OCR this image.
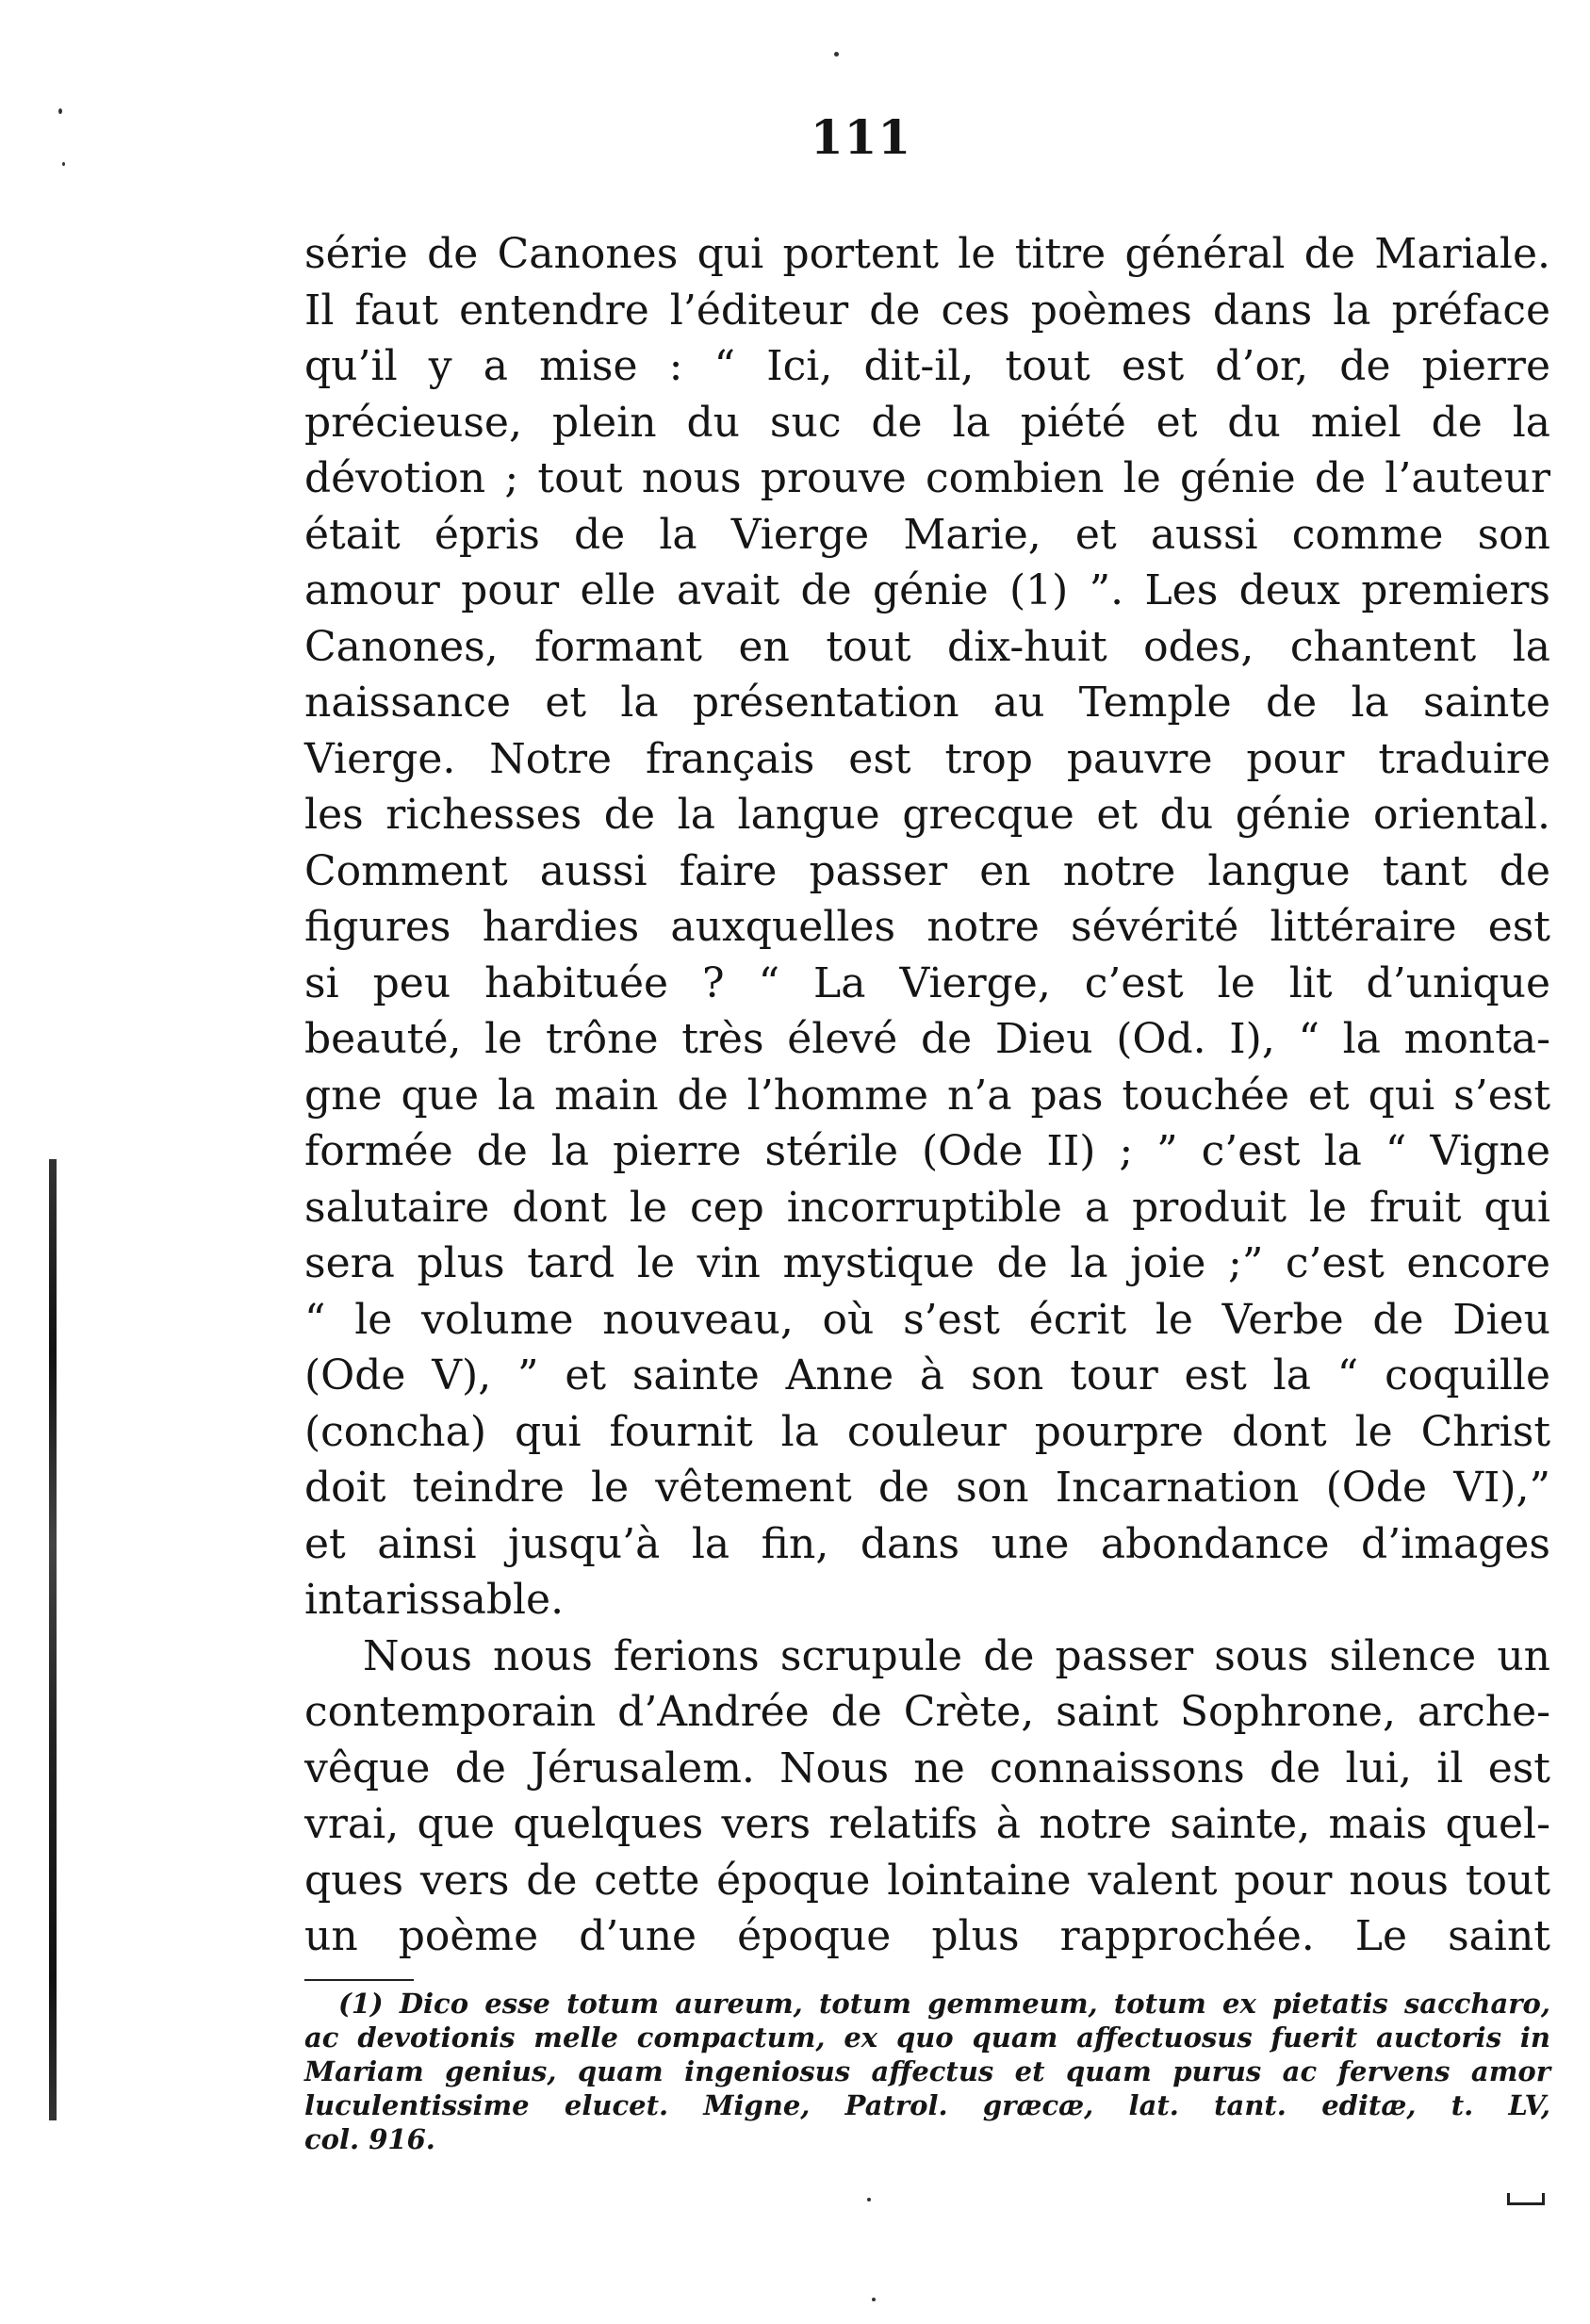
111
série de Canones qui portent le titre général de Mariale.
Il faut entendre l’éditeur de ces poèmes dans la préface
qu’il y a mise : “ Ici, dit-il, tout est d’or, de pierre
précieuse, plein du suc de la piété et du miel de la
dévotion ; tout nous prouve combien le génie de l’auteur
était épris de la Vierge Marie, et aussi comme son
amour pour elle avait de génie (1) ”. Les deux premiers
Canones, formant en tout dix-huit odes, chantent la
naissance et la présentation au Temple de la sainte
Vierge. Notre français est trop pauvre pour traduire
les richesses de la langue grecque et du génie oriental.
Comment aussi faire passer en notre langue tant de
figures hardies auxquelles notre sévérité littéraire est
si peu habituée ? “ La Vierge, c’est le lit d’unique
beauté, le trône très élevé de Dieu (Od. I), “ la monta-
gne que la main de l’homme n’a pas touchée et qui s’est
formée de la pierre stérile (Ode II) ; ” c’est la “ Vigne
salutaire dont le cep incorruptible a produit le fruit qui
sera plus tard le vin mystique de la joie ;” c’est encore
“ le volume nouveau, où s’est écrit le Verbe de Dieu
(Ode V), ” et sainte Anne à son tour est la “ coquille
(concha) qui fournit la couleur pourpre dont le Christ
doit teindre le vêtement de son Incarnation (Ode VI),”
et ainsi jusqu’à la fin, dans une abondance d’images
intarissable.
Nous nous ferions scrupule de passer sous silence un
contemporain d’Andrée de Crète, saint Sophrone, arche-
vêque de Jérusalem. Nous ne connaissons de lui, il est
vrai, que quelques vers relatifs à notre sainte, mais quel-
ques vers de cette époque lointaine valent pour nous tout
un poème d’une époque plus rapprochée. Le saint
(1) Dico esse totum aureum, totum gemmeum, totum ex pietatis saccharo,
ac devotionis melle compactum, ex quo quam affectuosus fuerit auctoris in
Mariam genius, quam ingeniosus affectus et quam purus ac fervens amor
luculentissime elucet. Migne, Patrol. græcæ, lat. tant. editæ, t. LV,
col. 916.
